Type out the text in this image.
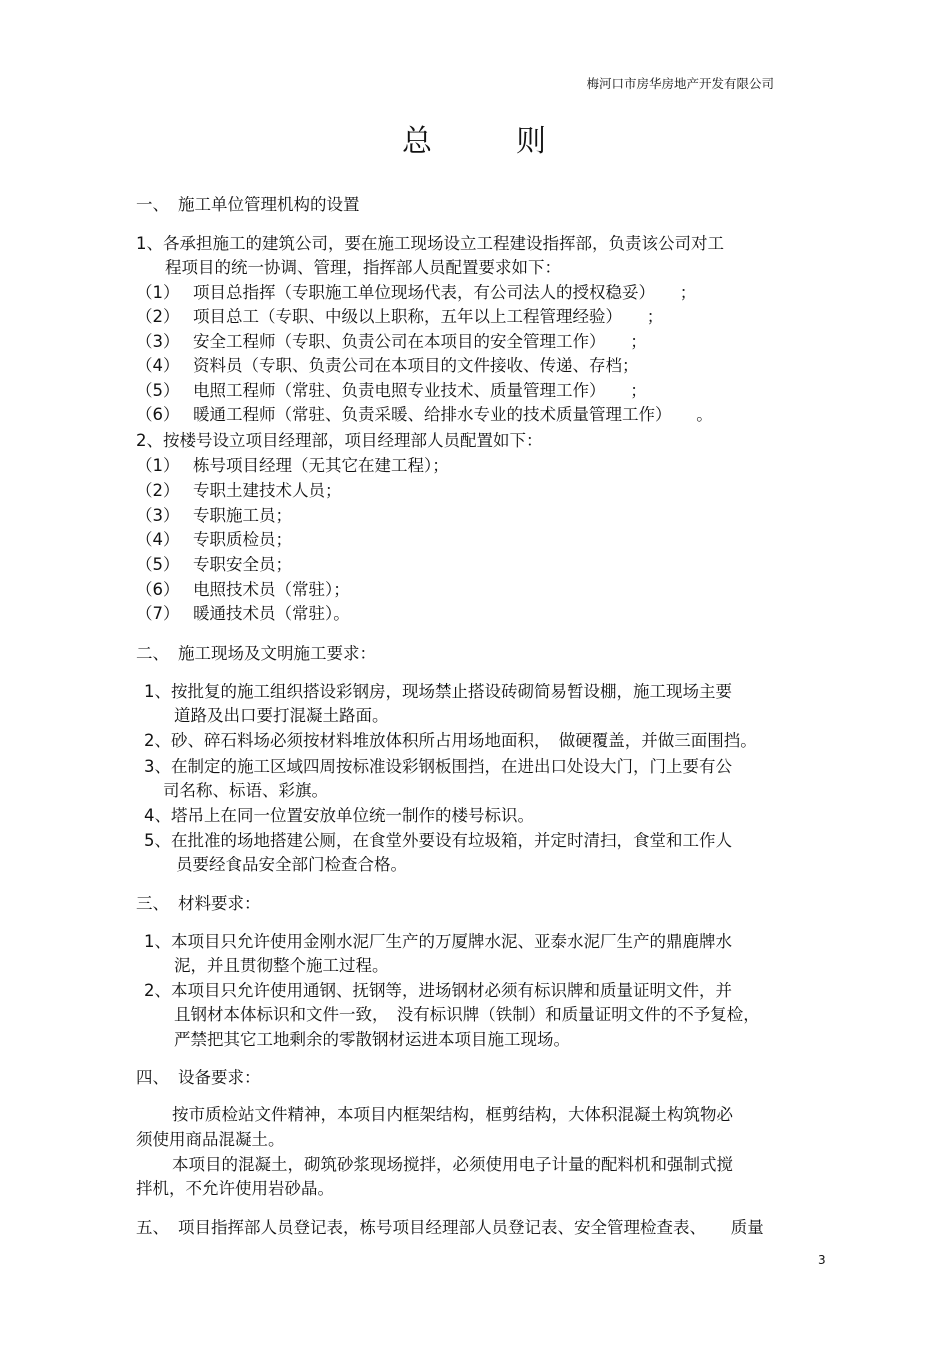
梅河口市房华房地产开发有限公司
总	则
一、 施工单位管理机构的设置
1、各承担施工的建筑公司，要在施工现场设立工程建设指挥部，负责该公司对工
程项目的统一协调、管理，指挥部人员配置要求如下：
（1） 项目总指挥（专职施工单位现场代表，有公司法人的授权稳妥）　　；
（2） 项目总工（专职、中级以上职称，五年以上工程管理经验）　　；
（3） 安全工程师（专职、负责公司在本项目的安全管理工作）　　；
（4） 资料员（专职、负责公司在本项目的文件接收、传递、存档；
（5） 电照工程师（常驻、负责电照专业技术、质量管理工作）　　；
（6） 暖通工程师（常驻、负责采暖、给排水专业的技术质量管理工作）　　。
2、按楼号设立项目经理部，项目经理部人员配置如下：
（1） 栋号项目经理（无其它在建工程）；
（2） 专职土建技术人员；
（3） 专职施工员；
（4） 专职质检员；
（5） 专职安全员；
（6） 电照技术员（常驻）；
（7） 暖通技术员（常驻）。
二、 施工现场及文明施工要求：
1、按批复的施工组织搭设彩钢房，现场禁止搭设砖砌简易暂设棚，施工现场主要
道路及出口要打混凝土路面。
2、砂、碎石料场必须按材料堆放体积所占用场地面积，　做硬覆盖，并做三面围挡。
3、在制定的施工区域四周按标准设彩钢板围挡，在进出口处设大门，门上要有公
司名称、标语、彩旗。
4、塔吊上在同一位置安放单位统一制作的楼号标识。
5、在批准的场地搭建公厕，在食堂外要设有垃圾箱，并定时清扫，食堂和工作人
员要经食品安全部门检查合格。
三、 材料要求：
1、本项目只允许使用金刚水泥厂生产的万厦牌水泥、亚泰水泥厂生产的鼎鹿牌水
泥，并且贯彻整个施工过程。
2、本项目只允许使用通钢、抚钢等，进场钢材必须有标识牌和质量证明文件，并
且钢材本体标识和文件一致，　没有标识牌（铁制）和质量证明文件的不予复检，
严禁把其它工地剩余的零散钢材运进本项目施工现场。
四、 设备要求：
按市质检站文件精神，本项目内框架结构，框剪结构，大体积混凝土构筑物必
须使用商品混凝土。
本项目的混凝土，砌筑砂浆现场搅拌，必须使用电子计量的配料机和强制式搅
拌机，不允许使用岩砂晶。
五、 项目指挥部人员登记表，栋号项目经理部人员登记表、安全管理检查表、　　质量
3
